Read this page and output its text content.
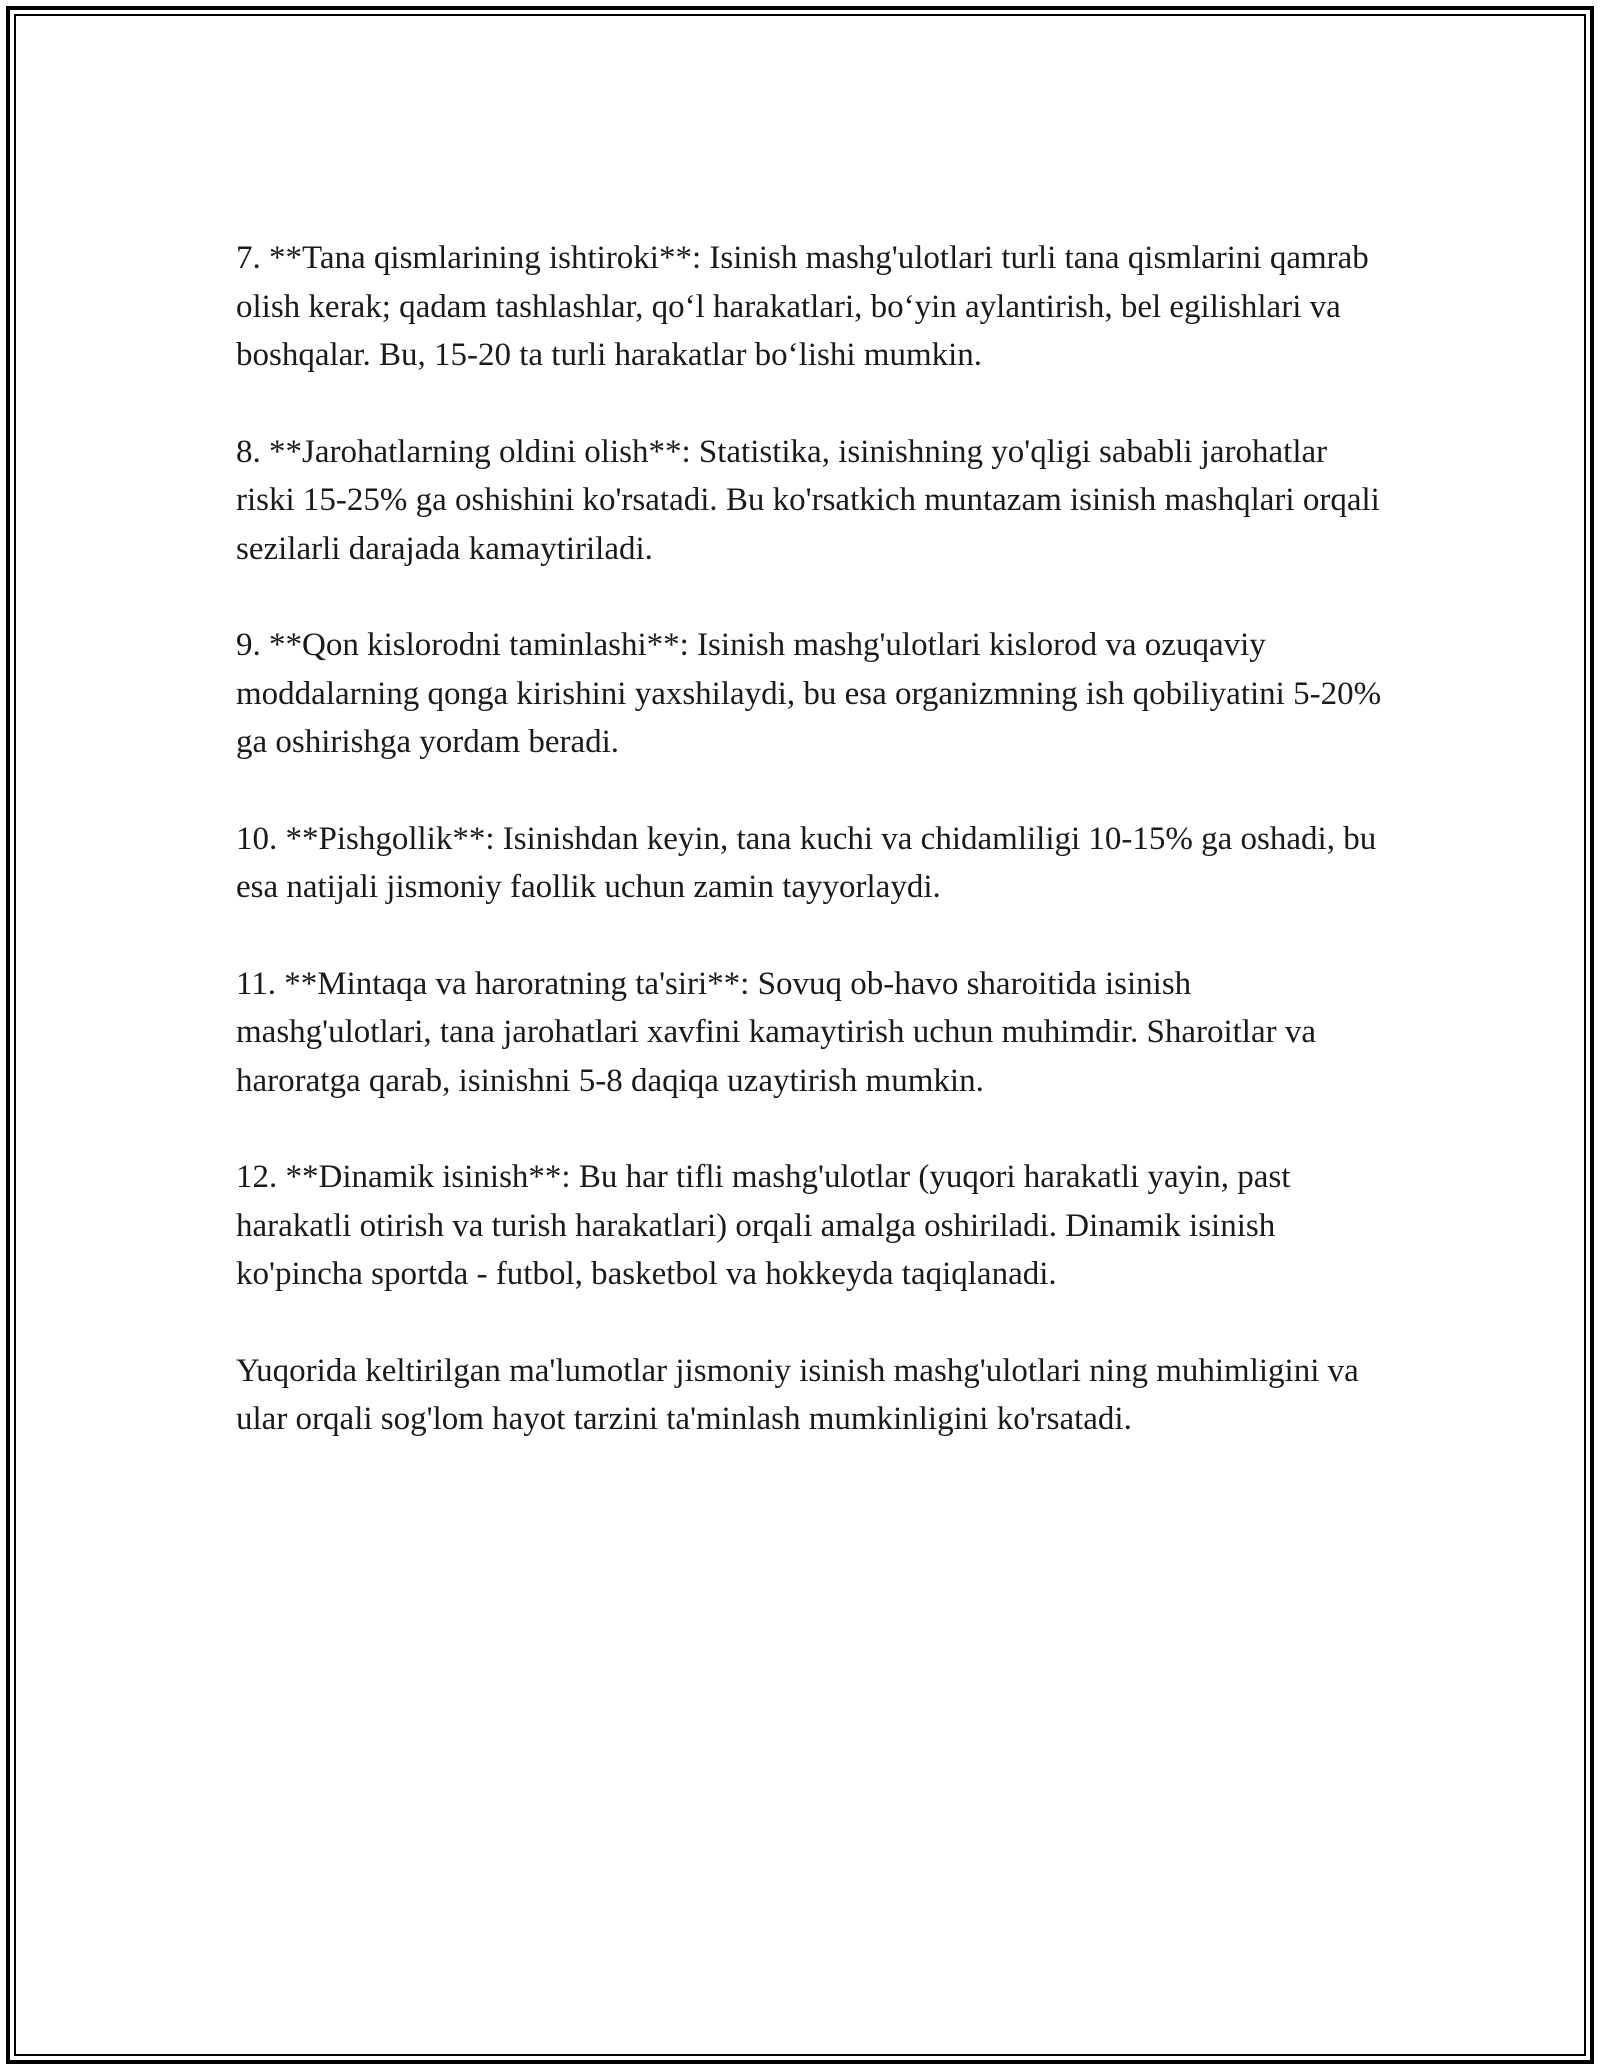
7. **Tana qismlarining ishtiroki**: Isinish mashg'ulotlari turli tana qismlarini qamrab olish kerak; qadam tashlashlar, qo‘l harakatlari, bo‘yin aylantirish, bel egilishlari va boshqalar. Bu, 15-20 ta turli harakatlar bo‘lishi mumkin.

8. **Jarohatlarning oldini olish**: Statistika, isinishning yo'qligi sababli jarohatlar riski 15-25% ga oshishini ko'rsatadi. Bu ko'rsatkich muntazam isinish mashqlari orqali sezilarli darajada kamaytiriladi.

9. **Qon kislorodni taminlashi**: Isinish mashg'ulotlari kislorod va ozuqaviy moddalarning qonga kirishini yaxshilaydi, bu esa organizmning ish qobiliyatini 5-20% ga oshirishga yordam beradi.

10. **Pishgollik**: Isinishdan keyin, tana kuchi va chidamliligi 10-15% ga oshadi, bu esa natijali jismoniy faollik uchun zamin tayyorlaydi.

11. **Mintaqa va haroratning ta'siri**: Sovuq ob-havo sharoitida isinish mashg'ulotlari, tana jarohatlari xavfini kamaytirish uchun muhimdir. Sharoitlar va haroratga qarab, isinishni 5-8 daqiqa uzaytirish mumkin.

12. **Dinamik isinish**: Bu har tifli mashg'ulotlar (yuqori harakatli yayin, past harakatli otirish va turish harakatlari) orqali amalga oshiriladi. Dinamik isinish ko'pincha sportda - futbol, basketbol va hokkeyda taqiqlanadi.

Yuqorida keltirilgan ma'lumotlar jismoniy isinish mashg'ulotlari ning muhimligini va ular orqali sog'lom hayot tarzini ta'minlash mumkinligini ko'rsatadi.
